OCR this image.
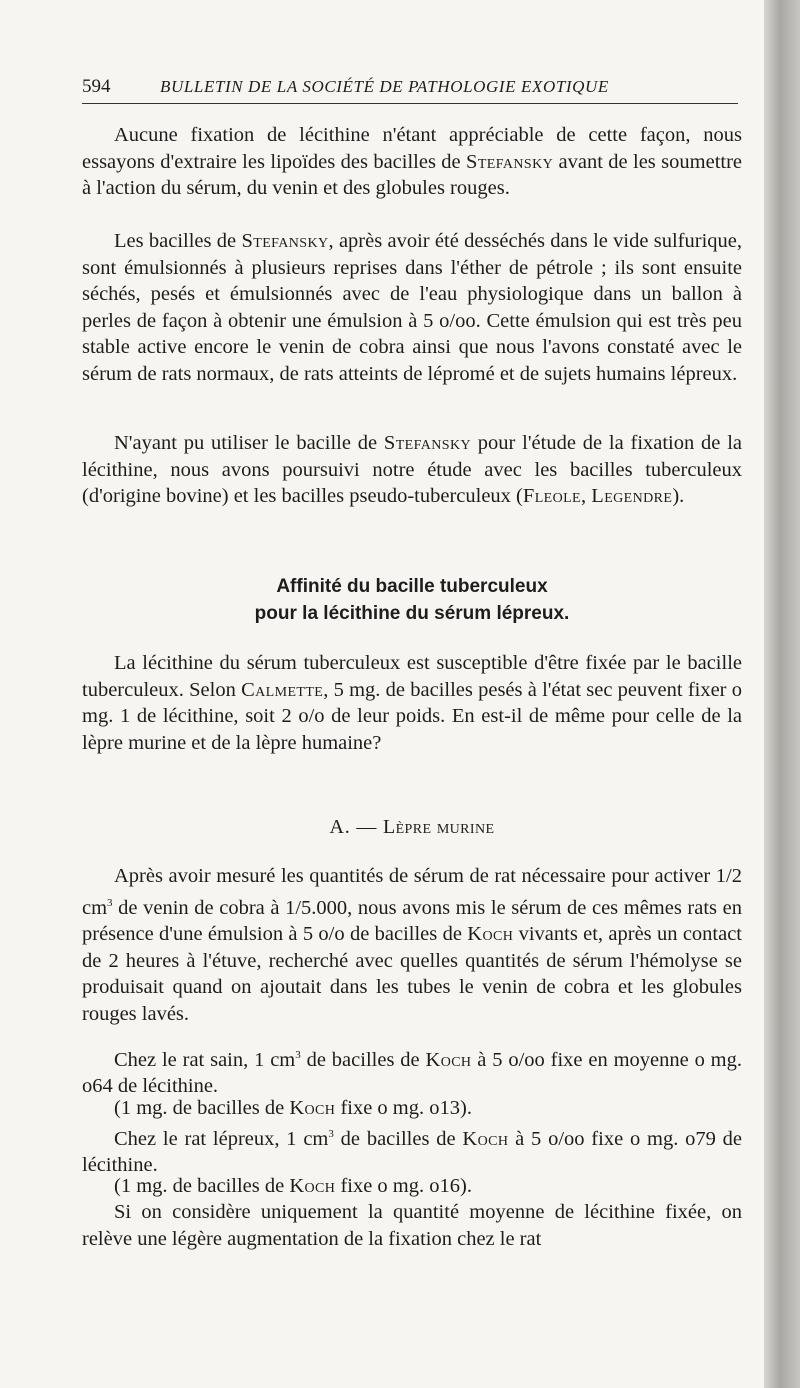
594	BULLETIN DE LA SOCIÉTÉ DE PATHOLOGIE EXOTIQUE

Aucune fixation de lécithine n'étant appréciable de cette façon, nous essayons d'extraire les lipoïdes des bacilles de Stefansky avant de les soumettre à l'action du sérum, du venin et des globules rouges.

Les bacilles de Stefansky, après avoir été desséchés dans le vide sulfurique, sont émulsionnés à plusieurs reprises dans l'éther de pétrole ; ils sont ensuite séchés, pesés et émulsionnés avec de l'eau physiologique dans un ballon à perles de façon à obtenir une émulsion à 5 o/oo. Cette émulsion qui est très peu stable active encore le venin de cobra ainsi que nous l'avons constaté avec le sérum de rats normaux, de rats atteints de lépromé et de sujets humains lépreux.

N'ayant pu utiliser le bacille de Stefansky pour l'étude de la fixation de la lécithine, nous avons poursuivi notre étude avec les bacilles tuberculeux (d'origine bovine) et les bacilles pseudo-tuberculeux (Fleole, Legendre).

Affinité du bacille tuberculeux
pour la lécithine du sérum lépreux.

La lécithine du sérum tuberculeux est susceptible d'être fixée par le bacille tuberculeux. Selon Calmette, 5 mg. de bacilles pesés à l'état sec peuvent fixer o mg. 1 de lécithine, soit 2 o/o de leur poids. En est-il de même pour celle de la lèpre murine et de la lèpre humaine?

A. — Lèpre murine

Après avoir mesuré les quantités de sérum de rat nécessaire pour activer 1/2 $cm^3$ de venin de cobra à 1/5.000, nous avons mis le sérum de ces mêmes rats en présence d'une émulsion à 5 o/o de bacilles de Koch vivants et, après un contact de 2 heures à l'étuve, recherché avec quelles quantités de sérum l'hémolyse se produisait quand on ajoutait dans les tubes le venin de cobra et les globules rouges lavés.

Chez le rat sain, 1 $cm^3$ de bacilles de Koch à 5 o/oo fixe en moyenne o mg. o64 de lécithine.

(1 mg. de bacilles de Koch fixe o mg. o13).

Chez le rat lépreux, 1 $cm^3$ de bacilles de Koch à 5 o/oo fixe o mg. o79 de lécithine.

(1 mg. de bacilles de Koch fixe o mg. o16).

Si on considère uniquement la quantité moyenne de lécithine fixée, on relève une légère augmentation de la fixation chez le rat
